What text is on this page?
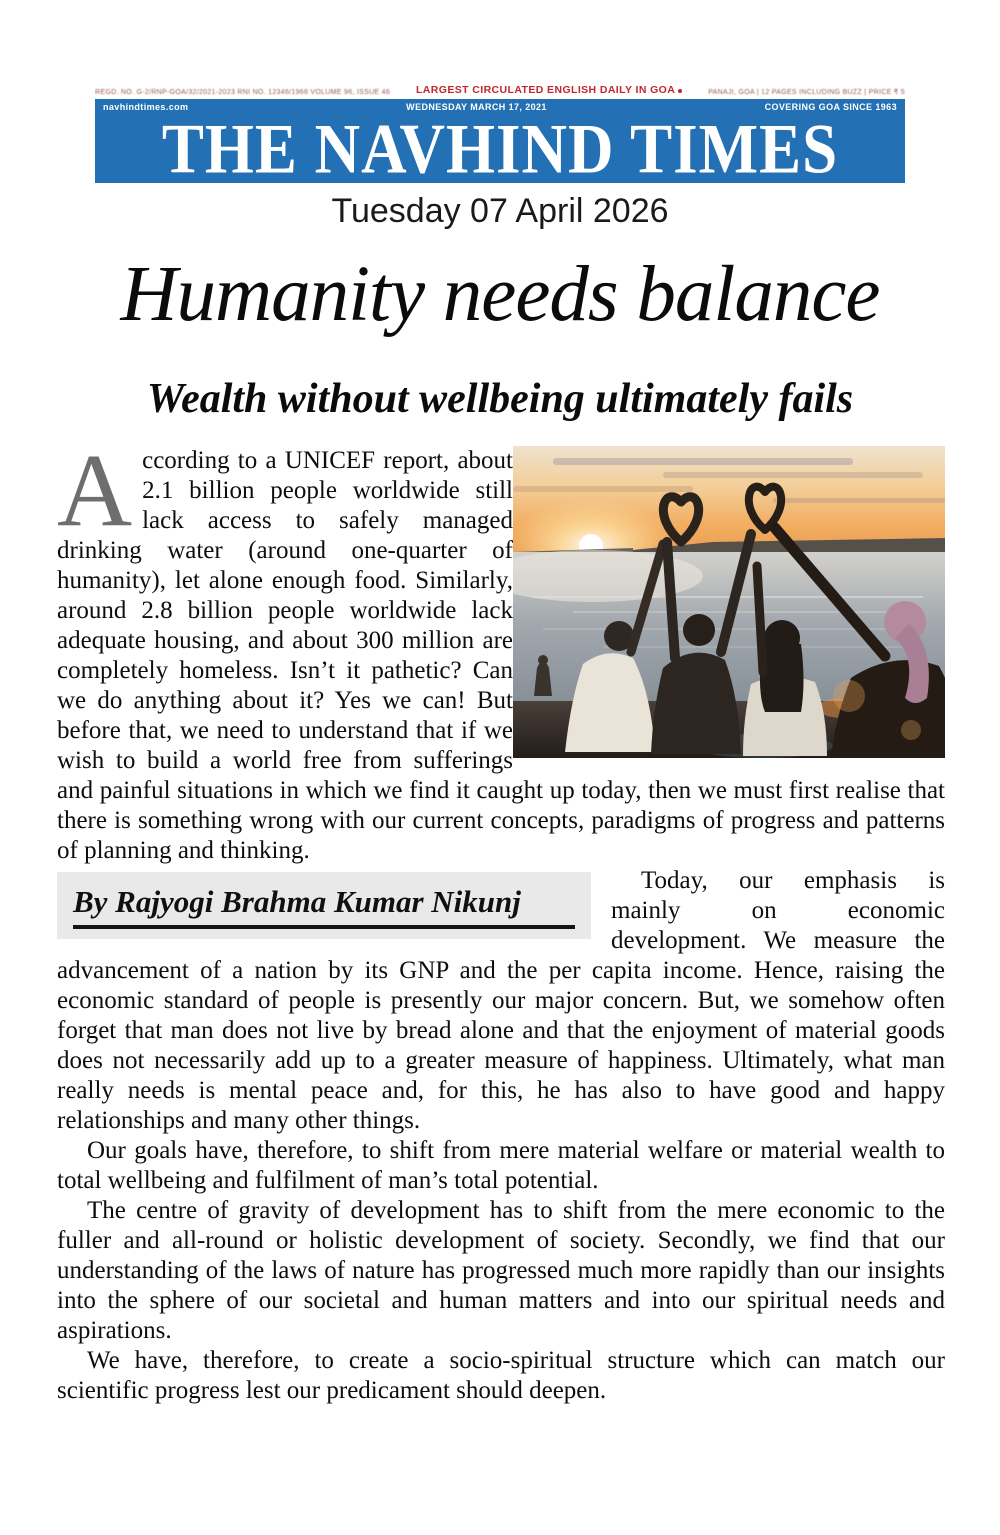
REGD. NO. G-2/RNP-GOA/32/2021-2023 RNI NO. 12346/1968 VOLUME 96, ISSUE 46 LARGEST CIRCULATED ENGLISH DAILY IN GOA	PANAJI, GOA | 12 PAGES INCLUDING BUZZ | PRICE ₹ 5
navhindtimes.com	WEDNESDAY MARCH 17, 2021	COVERING GOA SINCE 1963
THE NAVHIND TIMES
Tuesday 07 April 2026
Humanity needs balance
Wealth without wellbeing ultimately fails

According to a UNICEF report, about 2.1 billion people worldwide still lack access to safely managed drinking water (around one-quarter of humanity), let alone enough food. Similarly, around 2.8 billion people worldwide lack adequate housing, and about 300 million are completely homeless. Isn’t it pathetic? Can we do anything about it? Yes we can! But before that, we need to understand that if we wish to build a world free from sufferings and painful situations in which we find it caught up today, then we must first realise that there is something wrong with our current concepts, paradigms of progress and patterns of planning and thinking.

By Rajyogi Brahma Kumar Nikunj

Today, our emphasis is mainly on economic development. We measure the advancement of a nation by its GNP and the per capita income. Hence, raising the economic standard of people is presently our major concern. But, we somehow often forget that man does not live by bread alone and that the enjoyment of material goods does not necessarily add up to a greater measure of happiness. Ultimately, what man really needs is mental peace and, for this, he has also to have good and happy relationships and many other things.

Our goals have, therefore, to shift from mere material welfare or material wealth to total wellbeing and fulfilment of man’s total potential.

The centre of gravity of development has to shift from the mere economic to the fuller and all-round or holistic development of society. Secondly, we find that our understanding of the laws of nature has progressed much more rapidly than our insights into the sphere of our societal and human matters and into our spiritual needs and aspirations.

We have, therefore, to create a socio-spiritual structure which can match our scientific progress lest our predicament should deepen.
